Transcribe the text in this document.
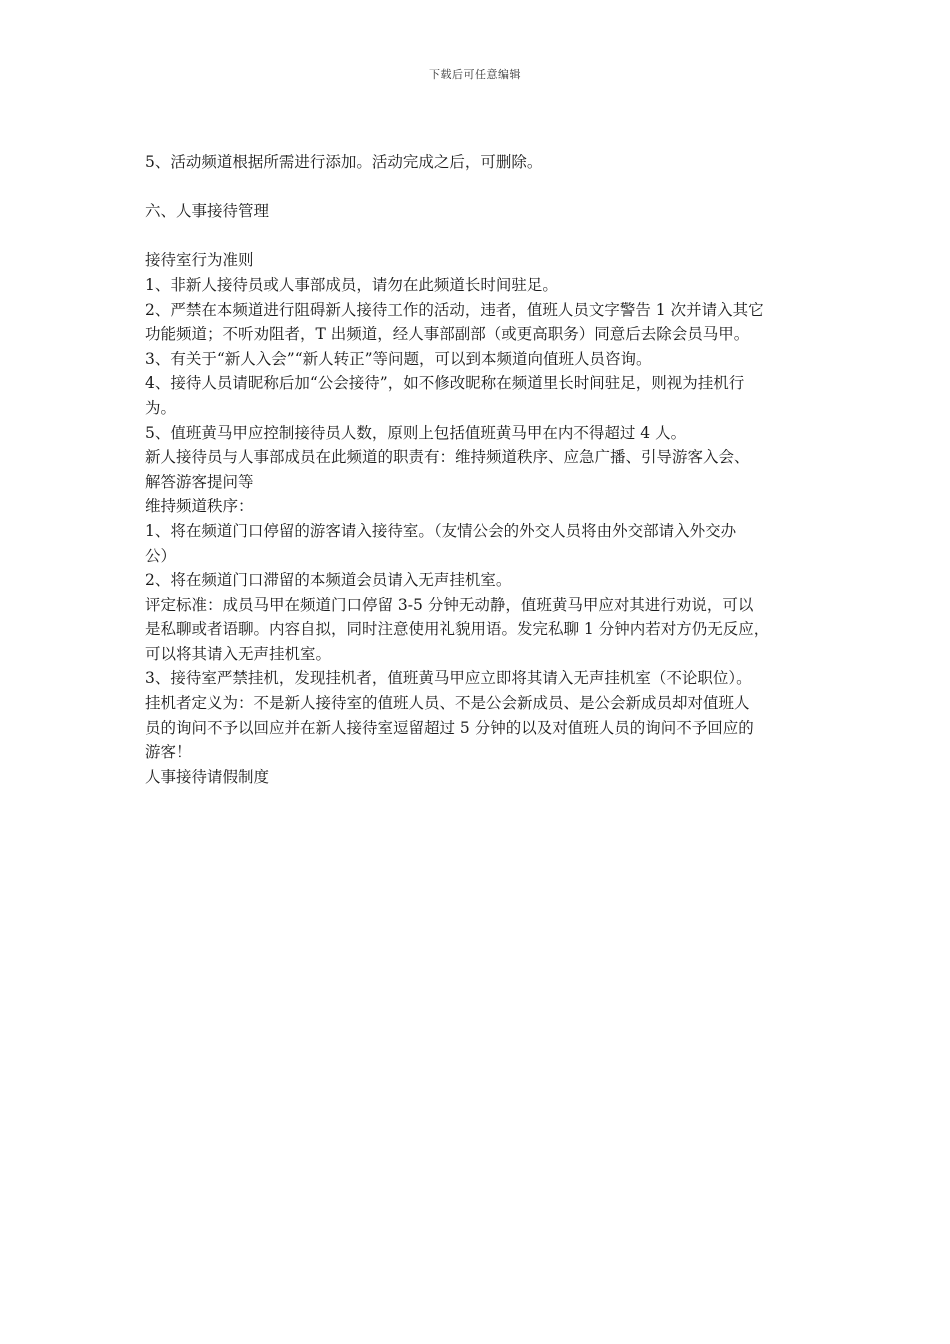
下载后可任意编辑
5、活动频道根据所需进行添加。活动完成之后，可删除。
六、人事接待管理
接待室行为准则
1、非新人接待员或人事部成员，请勿在此频道长时间驻足。
2、严禁在本频道进行阻碍新人接待工作的活动，违者，值班人员文字警告 1 次并请入其它
功能频道；不听劝阻者，T 出频道，经人事部副部（或更高职务）同意后去除会员马甲。
3、有关于“新人入会”“新人转正”等问题，可以到本频道向值班人员咨询。
4、接待人员请昵称后加“公会接待”，如不修改昵称在频道里长时间驻足，则视为挂机行
为。
5、值班黄马甲应控制接待员人数，原则上包括值班黄马甲在内不得超过 4 人。
新人接待员与人事部成员在此频道的职责有：维持频道秩序、应急广播、引导游客入会、
解答游客提问等
维持频道秩序：
1、将在频道门口停留的游客请入接待室。（友情公会的外交人员将由外交部请入外交办
公）
2、将在频道门口滞留的本频道会员请入无声挂机室。
评定标准：成员马甲在频道门口停留 3-5 分钟无动静，值班黄马甲应对其进行劝说，可以
是私聊或者语聊。内容自拟，同时注意使用礼貌用语。发完私聊 1 分钟内若对方仍无反应，
可以将其请入无声挂机室。
3、接待室严禁挂机，发现挂机者，值班黄马甲应立即将其请入无声挂机室（不论职位）。
挂机者定义为：不是新人接待室的值班人员、不是公会新成员、是公会新成员却对值班人
员的询问不予以回应并在新人接待室逗留超过 5 分钟的以及对值班人员的询问不予回应的
游客！
人事接待请假制度
